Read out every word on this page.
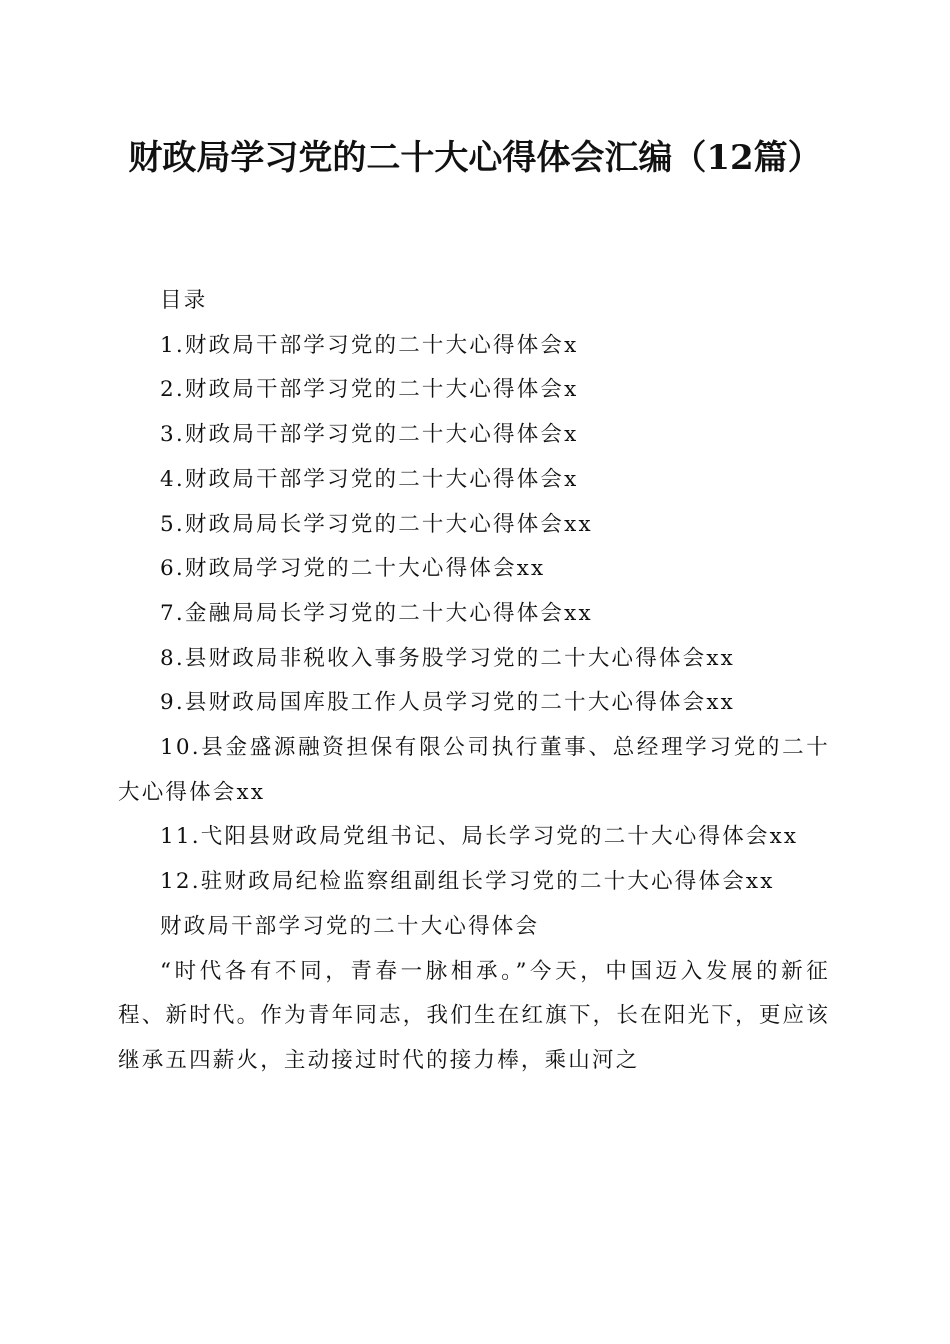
财政局学习党的二十大心得体会汇编（12篇）

目录

1.财政局干部学习党的二十大心得体会x

2.财政局干部学习党的二十大心得体会x

3.财政局干部学习党的二十大心得体会x

4.财政局干部学习党的二十大心得体会x

5.财政局局长学习党的二十大心得体会xx

6.财政局学习党的二十大心得体会xx

7.金融局局长学习党的二十大心得体会xx

8.县财政局非税收入事务股学习党的二十大心得体会xx

9.县财政局国库股工作人员学习党的二十大心得体会xx

10.县金盛源融资担保有限公司执行董事、总经理学习党的二十大心得体会xx

11.弋阳县财政局党组书记、局长学习党的二十大心得体会xx

12.驻财政局纪检监察组副组长学习党的二十大心得体会xx

财政局干部学习党的二十大心得体会

“时代各有不同，青春一脉相承。”今天，中国迈入发展的新征程、新时代。作为青年同志，我们生在红旗下，长在阳光下，更应该继承五四薪火，主动接过时代的接力棒，乘山河之
